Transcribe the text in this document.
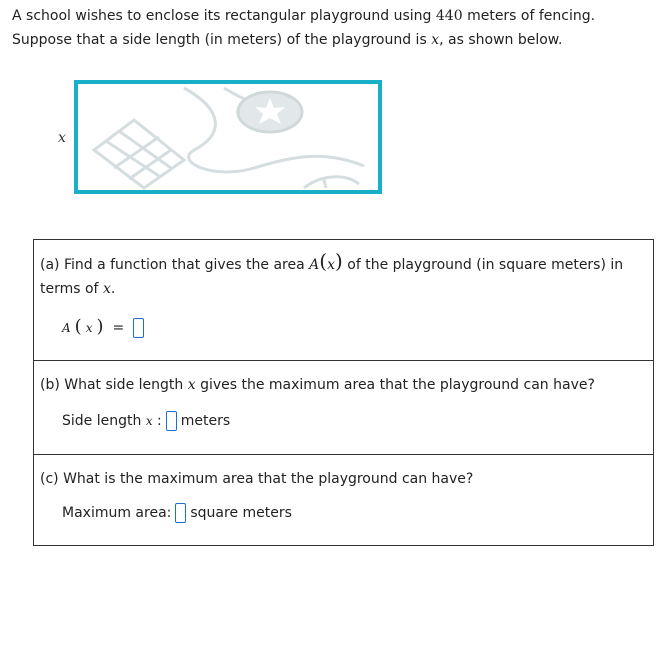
A school wishes to enclose its rectangular playground using 440 meters of fencing.

Suppose that a side length (in meters) of the playground is x, as shown below.

x
(a) Find a function that gives the area A(x) of the playground (in square meters) in
terms of x.
A ( x ) =
(b) What side length x gives the maximum area that the playground can have?
Side length x : meters
(c) What is the maximum area that the playground can have?
Maximum area: square meters
